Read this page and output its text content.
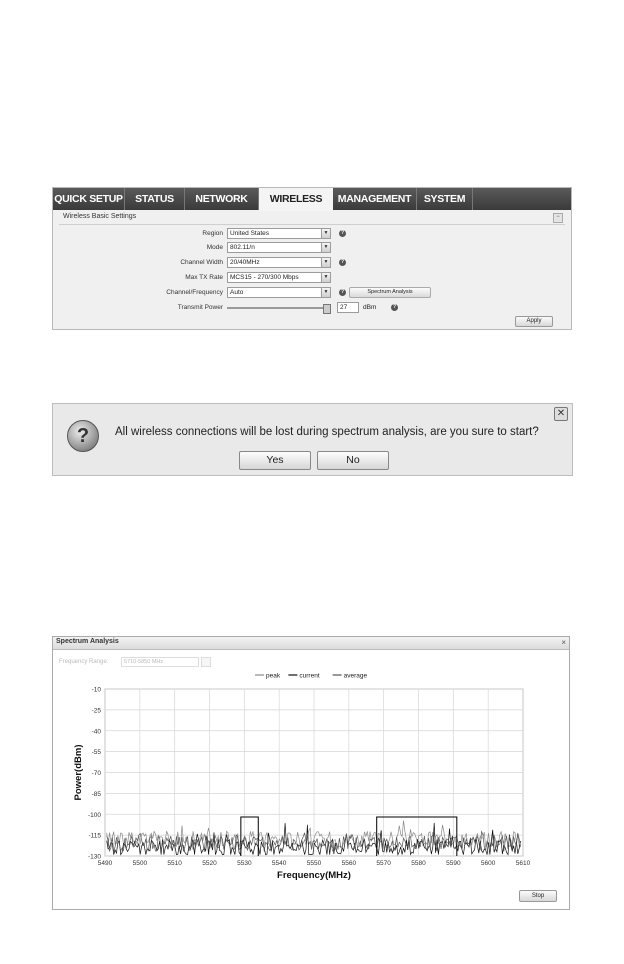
QUICK SETUP	STATUS	NETWORK	WIRELESS	MANAGEMENT	SYSTEM
Wireless Basic Settings	−
Region	United States	▼	?
Mode	802.11/n	▼
Channel Width	20/40MHz	▼	?
Max TX Rate	MCS15 - 270/300 Mbps	▼
Channel/Frequency	Auto	▼	?	Spectrum Analysis
Transmit Power	27	dBm	?
Apply
?	All wireless connections will be lost during spectrum analysis, are you sure to start?
✕
Yes	No
Spectrum Analysis	×
Frequency Range:	5710-5850 MHz
-10
-25
-40
-55
-70
-85
-100
-115
-130
5490	5500	5510	5520	5530	5540	5550	5560	5570	5580	5590	5600	5610
Frequency(MHz)
Power(dBm)
peak	current	average
Stop
